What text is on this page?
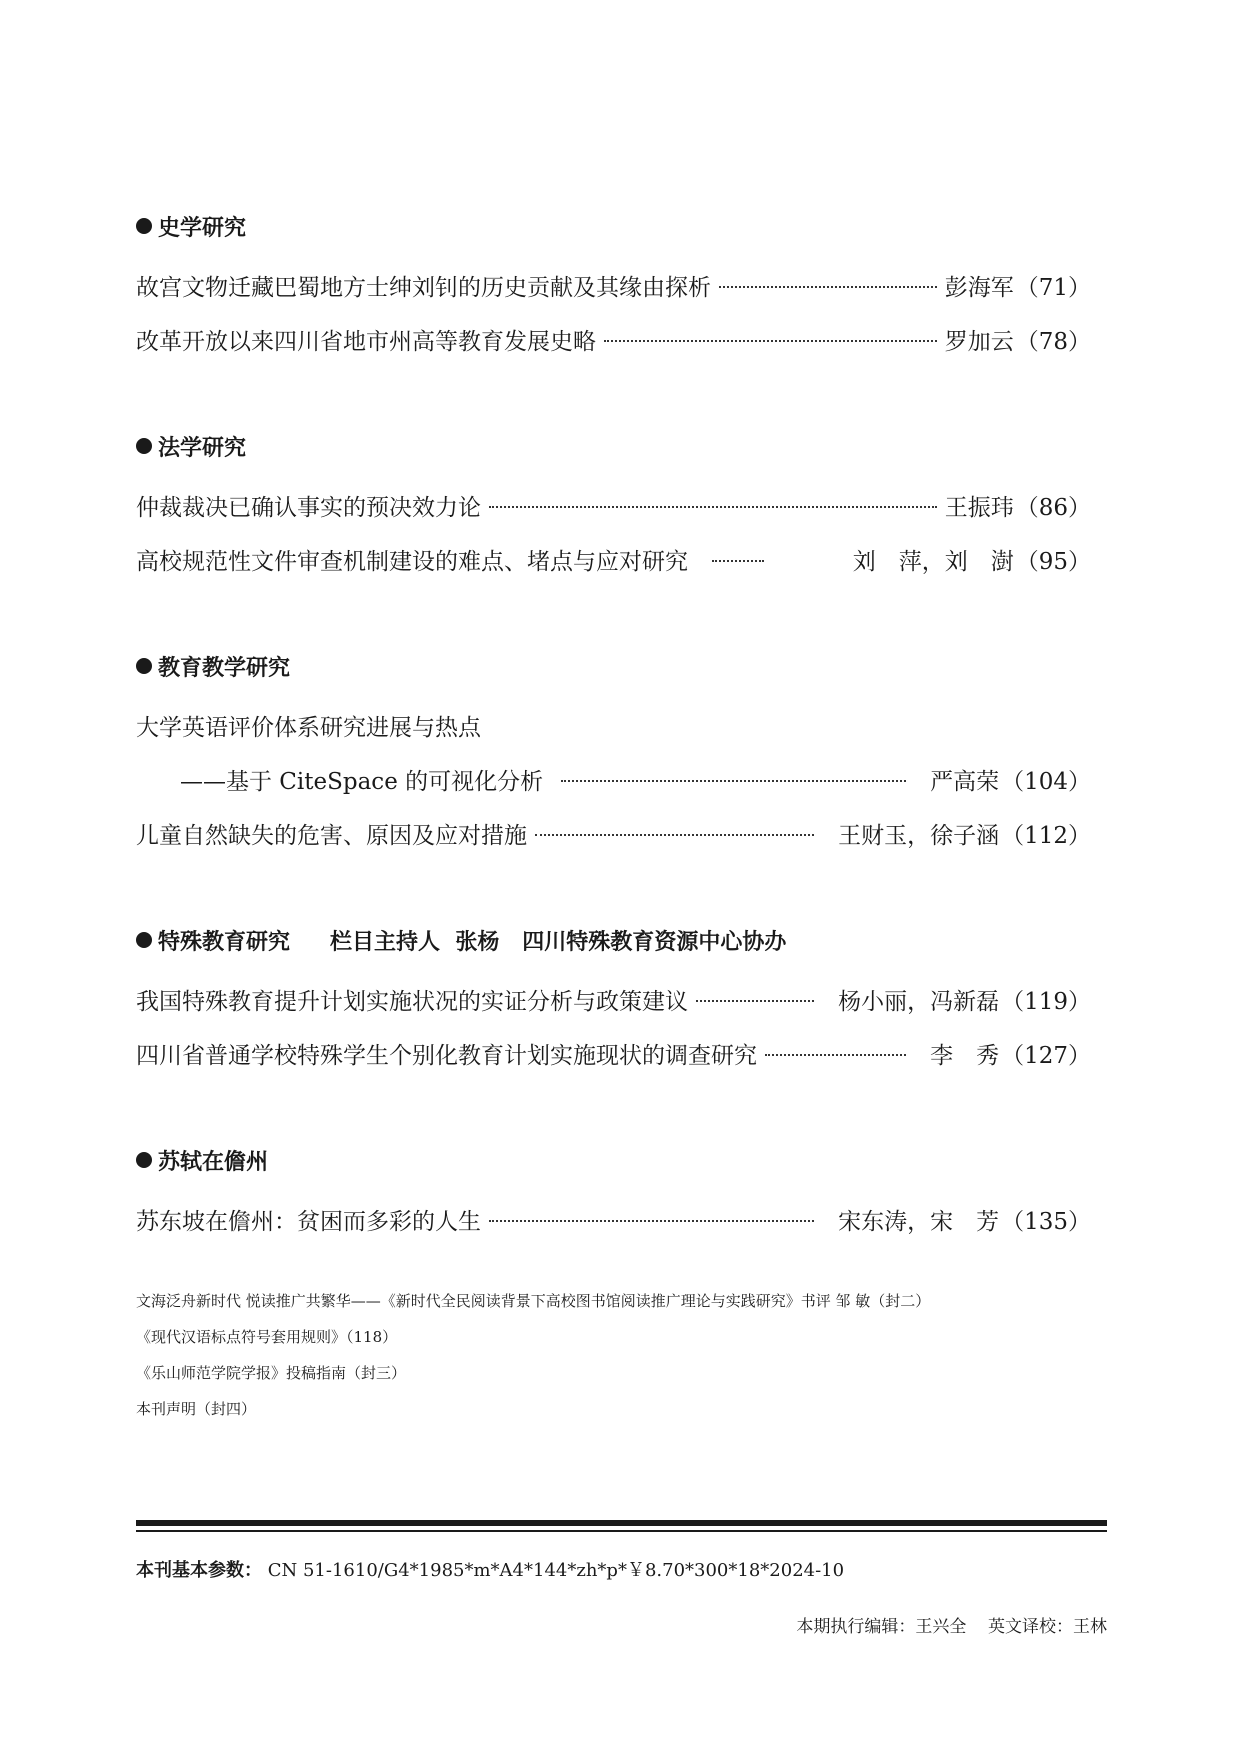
史学研究
故宫文物迁藏巴蜀地方士绅刘钊的历史贡献及其缘由探析	彭海军 （71）
改革开放以来四川省地市州高等教育发展史略	罗加云 （78）
法学研究
仲裁裁决已确认事实的预决效力论	王振玮 （86）
高校规范性文件审查机制建设的难点、堵点与应对研究	刘　萍，刘　澍 （95）
教育教学研究
大学英语评价体系研究进展与热点
——基于 CiteSpace 的可视化分析	严高荣 （104）
儿童自然缺失的危害、原因及应对措施	王财玉，徐子涵 （112）
特殊教育研究 栏目主持人  张杨   四川特殊教育资源中心协办
我国特殊教育提升计划实施状况的实证分析与政策建议	杨小丽，冯新磊 （119）
四川省普通学校特殊学生个别化教育计划实施现状的调查研究	李　秀 （127）
苏轼在儋州
苏东坡在儋州：贫困而多彩的人生	宋东涛，宋　芳 （135）
文海泛舟新时代 悦读推广共繁华——《新时代全民阅读背景下高校图书馆阅读推广理论与实践研究》书评 邹 敏（封二）
《现代汉语标点符号套用规则》（118）
《乐山师范学院学报》投稿指南（封三）
本刊声明（封四）
本刊基本参数： CN 51-1610/G4*1985*m*A4*144*zh*p*￥8.70*300*18*2024-10
本期执行编辑：王兴全    英文译校：王林
